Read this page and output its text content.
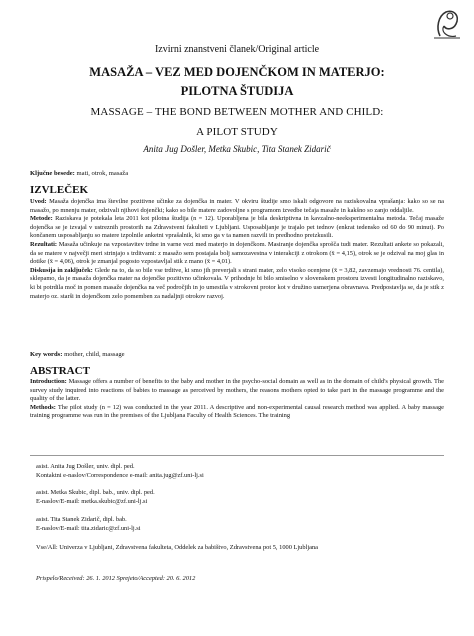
Izvirni znanstveni članek/Original article
MASAŽA – VEZ MED DOJENČKOM IN MATERJO:
PILOTNA ŠTUDIJA
MASSAGE – THE BOND BETWEEN MOTHER AND CHILD:
A PILOT STUDY
Anita Jug Došler, Metka Skubic, Tita Stanek Zidarič
Ključne besede: mati, otrok, masaža
IZVLEČEK
Uvod: Masaža dojenčka ima številne pozitivne učinke za dojenčka in mater. V okviru študije smo iskali odgovore na raziskovalna vprašanja: kako so se na masažo, po mnenju mater, odzivali njihovi dojenčki; kako so bile matere zadovoljne s programom izvedbe tečaja masaže in kakšno so zanjo oddaljile.
Metode: Raziskava je potekala leta 2011 kot pilotna študija (n = 12). Uporabljena je bila deskriptivna in kavzalno-neeksperimentalna metoda. Tečaj masaže dojenčka se je izvajal v ustreznih prostorih na Zdravstveni fakulteti v Ljubljani. Usposabljanje je trajalo pet tednov (enkrat tedensko od 60 do 90 minut). Po končanem usposabljanju so matere izpolnile anketni vprašalnik, ki smo ga v ta namen razvili in predhodno preizkusili.
Rezultati: Masaža učinkuje na vzpostavitev trdne in varne vezi med materjo in dojenčkom. Masiranje dojenčka sprošča tudi mater. Rezultati ankete so pokazali, da se matere v največji meri strinjajo s trditvami: z masažo sem postajala bolj samozavestna v interakciji z otrokom (x̄ = 4,15), otrok se je odzival na moj glas in dotike (x̄ = 4,06), otrok je zmanjal pogosto vzpostavljal stik z mano (x̄ = 4,01).
Diskusija in zaključek: Glede na to, da so bile vse trditve, ki smo jih preverjali s strani mater, zelo visoko ocenjene (x̄ = 3,82, zavzemajo vrednosti 76. centila), sklepamo, da je masaža dojenčka mater na dojenčke pozitivno učinkovala. V prihodnje bi bilo smiselno v slovenskem prostoru izvesti longitudinalno raziskavo, ki bi potrdila moč in pomen masaže dojenčka na več področjih in jo umestila v strokovni protor kot v družino usmerjena obravnava. Predpostavlja se, da je stik z materjo oz. starši in dojenčkom zelo pomemben za nadaljnji otrokov razvoj.
Key words: mother, child, massage
ABSTRACT
Introduction: Massage offers a number of benefits to the baby and mother in the psycho-social domain as well as in the domain of child's physical growth. The survey study inquired into reactions of babies to massage as perceived by mothers, the reasons mothers opted to take part in the massage programme and the quality of the latter.
Methods: The pilot study (n = 12) was conducted in the year 2011. A descriptive and non-experimental causal research method was applied. A baby massage training programme was run in the premises of the Ljubljana Faculty of Health Sciences. The training
asist. Anita Jug Došler, univ. dipl. ped.
Kontaktni e-naslov/Correspondence e-mail: anita.jug@zf.uni-lj.si
asist. Metka Skubic, dipl. bab., univ. dipl. ped.
E-naslov/E-mail: metka.skubic@zf.uni-lj.si
asist. Tita Stanek Zidarič, dipl. bab.
E-naslov/E-mail: tita.zidaric@zf.uni-lj.si
Vse/All: Univerza v Ljubljani, Zdravstvena fakulteta, Oddelek za babištvo, Zdravstvena pot 5, 1000 Ljubljana
Prispelo/Received: 26. 1. 2012 Sprejeto/Accepted: 20. 6. 2012
